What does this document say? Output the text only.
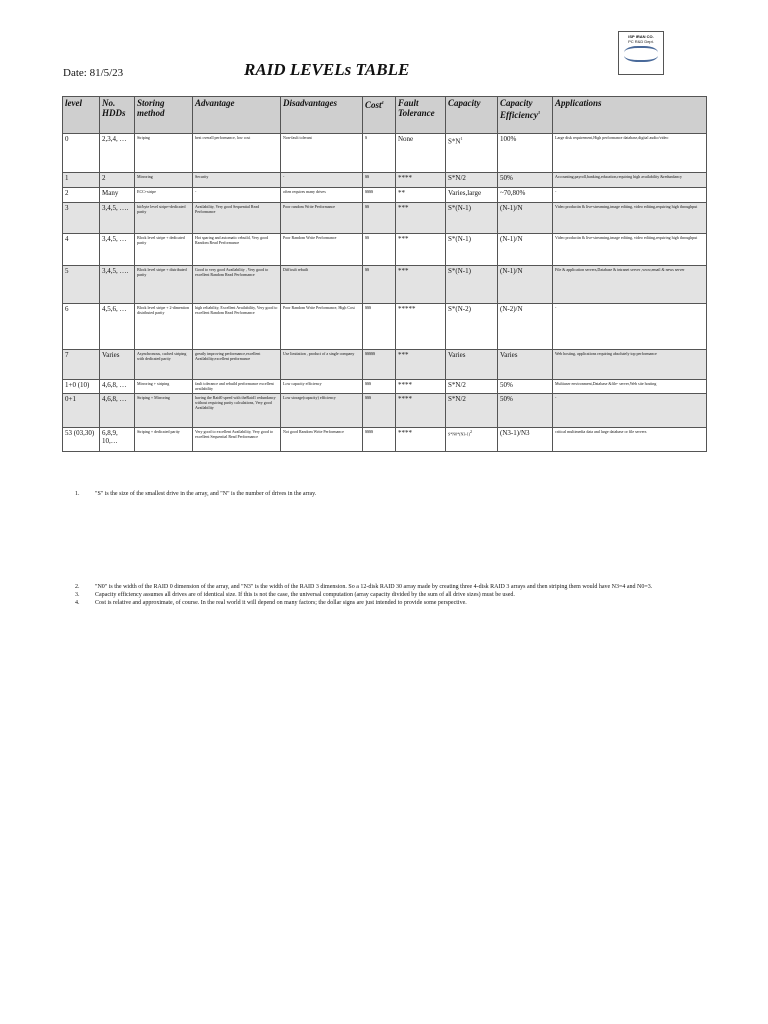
ISP IRAN CO.
PC R&D Dept.
Date: 81/5/23	RAID LEVELs TABLE
level	No. HDDs	Storing method	Advantage	Disadvantages	Cost$^4$	Fault Tolerance	Capacity	Capacity Efficiency$^3$	Applications
0	2,3,4, …	Striping	best overall performance, low cost	Non-fault tolerant	$	None	$S*N^1$	100%	Large disk requirement,High performance database,digital audio/video
1	2	Mirroring	Security	-	$$	****	S*N/2	50%	Accounting,payroll,banking,education,requiring high availability &redundancy
2	Many	ECC+stripe	-	often requires many drives	$$$$	**	Varies,large	~70,80%	-
3	3,4,5, ….	bit/byte level stripe+dedicated parity	Availability, Very good Sequential Read Performance	Poor random Write Performance	$$	***	S*(N-1)	(N-1)/N	Video productin & live-streaming,image editing, video editing,requiring high throughput
4	3,4,5, …	Block level stripe + dedicated parity	Hot sparing and automatic rebuild, Very good Random Read Performance	Poor Random Write Performance	$$	***	S*(N-1)	(N-1)/N	Video productin & live-streaming,image editing, video editing,requiring high throughput
5	3,4,5, ….	Block level stripe + distributed parity	Good to very good Availability , Very good to excellent Random Read Performance	Difficult rebuilt	$$	***	S*(N-1)	(N-1)/N	File & application servers,Database & intranet server ,www,email & news server
6	4,5,6, …	Block level stripe + 2-dimention distributed parity	high reliability, Excellent Availability, Very good to excellent Random Read Performance	Poor Random Write Performance, High Cost	$$$	*****	S*(N-2)	(N-2)/N	-
7	Varies	Asynchronous, cached striping with dedicated parity	greatly improving performance,excellent Availability,excellent performance	Use limitation , product of a single company	$$$$$	***	Varies	Varies	Web hosting, applications requiring absolutely top performance
1+0 (10)	4,6,8, …	Mirroring + striping	fault tolerance and rebuild performance excellent availability	Low capacity efficiency	$$$	****	S*N/2	50%	Multiuser environment,Database &file- server,Web site hosting
0+1	4,6,8, …	Striping + Mirroring	having the Raid0 speed with theRaid1 redundancy without requiring parity calculations, Very good Availability	Low storage(capacity) efficiency	$$$	****	S*N/2	50%	-
53 (03,30)	6,8,9, 10,…	Striping + dedicated parity	Very good to excellent Availability, Very good to excellent Sequential Read Performance	Not good Random Write Performance	$$$$	****	$S*N0*(N3-1)^2$	(N3-1)/N3	critical multimedia data and large database or file servers
1.	"S" is the size of the smallest drive in the array, and "N" is the number of drives in the array.
2.	"N0" is the width of the RAID 0 dimension of the array, and "N3" is the width of the RAID 3 dimension. So a 12-disk RAID 30 array made by creating three 4-disk RAID 3 arrays and then striping them would have N3=4 and N0=3.
3.	Capacity efficiency assumes all drives are of identical size. If this is not the case, the universal computation (array capacity divided by the sum of all drive sizes) must be used.
4.	Cost is relative and approximate, of course. In the real world it will depend on many factors; the dollar signs are just intended to provide some perspective.
